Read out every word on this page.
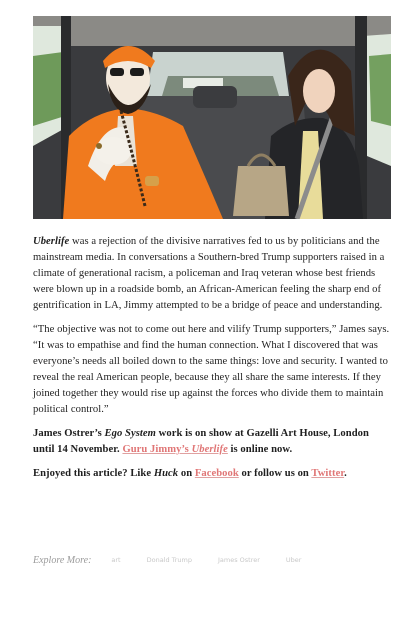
Uberlife was a rejection of the divisive narratives fed to us by politicians and the mainstream media. In conversations a Southern-bred Trump supporters raised in a climate of generational racism, a policeman and Iraq veteran whose best friends were blown up in a roadside bomb, an African-American feeling the sharp end of gentrification in LA, Jimmy attempted to be a bridge of peace and understanding.

“The objective was not to come out here and vilify Trump supporters,” James says. “It was to empathise and find the human connection. What I discovered that was everyone’s needs all boiled down to the same things: love and security. I wanted to reveal the real American people, because they all share the same interests. If they joined together they would rise up against the forces who divide them to maintain political control.”

James Ostrer’s Ego System work is on show at Gazelli Art House, London until 14 November. Guru Jimmy’s Uberlife is online now.

Enjoyed this article? Like Huck on Facebook or follow us on Twitter.

Explore More:	art	Donald Trump	James Ostrer	Uber
